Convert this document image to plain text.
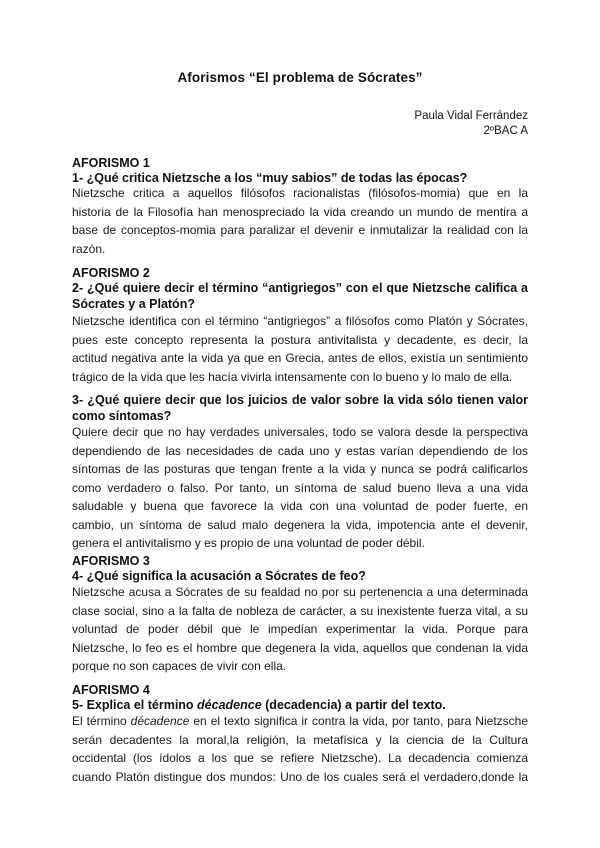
Aforismos “El problema de Sócrates”
Paula Vidal Ferrández
2ºBAC A
AFORISMO 1
1- ¿Qué critica Nietzsche a los “muy sabios” de todas las épocas?
Nietzsche critica a aquellos filósofos racionalistas (filósofos-momia) que en la
historia de la Filosofía han menospreciado la vida creando un mundo de mentira a
base de conceptos-momia para paralizar el devenir e inmutalizar la realidad con la
razón.
AFORISMO 2
2- ¿Qué quiere decir el término “antigriegos” con el que Nietzsche califica a
Sócrates y a Platón?
Nietzsche identifica con el término “antigriegos” a filósofos como Platón y Sócrates,
pues este concepto representa la postura antivitalista y decadente, es decir, la
actitud negativa ante la vida ya que en Grecia, antes de ellos, existía un sentimiento
trágico de la vida que les hacía vivirla intensamente con lo bueno y lo malo de ella.
3- ¿Qué quiere decir que los juicios de valor sobre la vida sólo tienen valor
como síntomas?
Quiere decir que no hay verdades universales, todo se valora desde la perspectiva
dependiendo de las necesidades de cada uno y estas varían dependiendo de los
síntomas de las posturas que tengan frente a la vida y nunca se podrá calificarlos
como verdadero o falso. Por tanto, un síntoma de salud bueno lleva a una vida
saludable y buena que favorece la vida con una voluntad de poder fuerte, en
cambio, un síntoma de salud malo degenera la vida, impotencia ante el devenir,
genera el antivitalismo y es propio de una voluntad de poder débil.
AFORISMO 3
4- ¿Qué significa la acusación a Sócrates de feo?
Nietzsche acusa a Sócrates de su fealdad no por su pertenencia a una determinada
clase social, sino a la falta de nobleza de carácter, a su inexistente fuerza vital, a su
voluntad de poder débil que le impedían experimentar la vida. Porque para
Nietzsche, lo feo es el hombre que degenera la vida, aquellos que condenan la vida
porque no son capaces de vivir con ella.
AFORISMO 4
5- Explica el término décadence (decadencia) a partir del texto.
El término décadence en el texto significa ir contra la vida, por tanto, para Nietzsche
serán decadentes la moral,la religión, la metafísica y la ciencia de la Cultura
occidental (los ídolos a los que se refiere Nietzsche). La decadencia comienza
cuando Platón distingue dos mundos: Uno de los cuales será el verdadero,donde la
